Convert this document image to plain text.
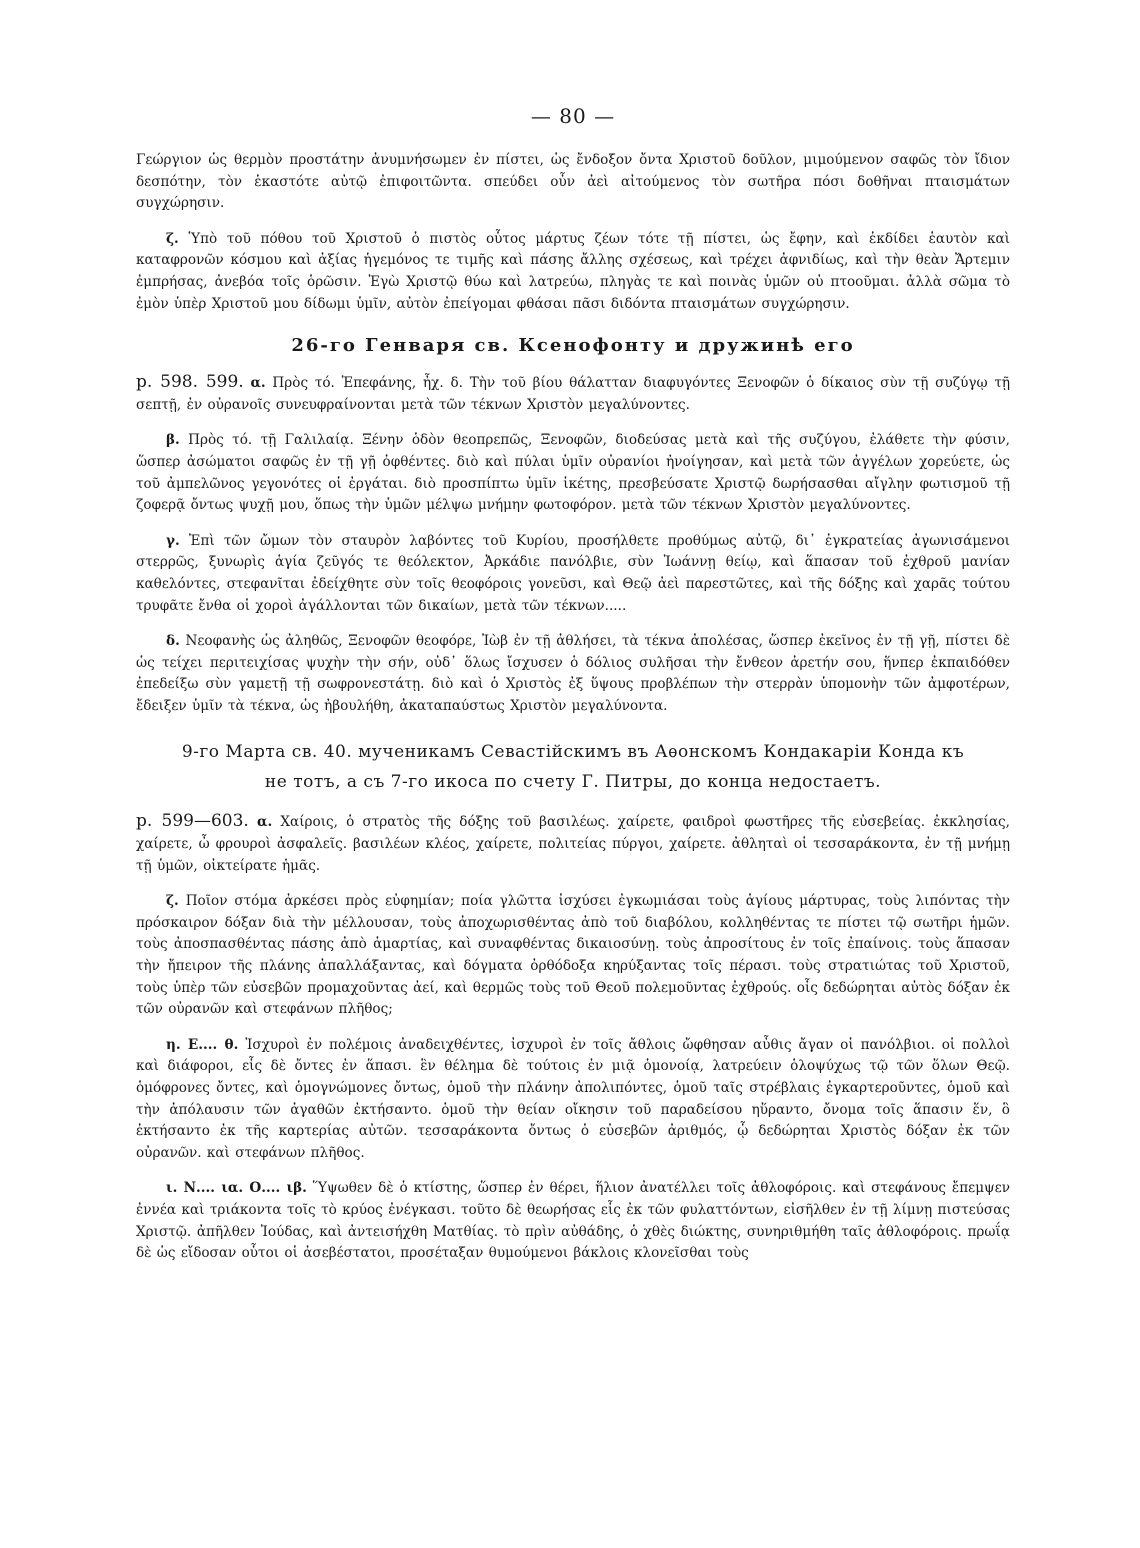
— 80 —

Γεώργιον ὡς θερμὸν προστάτην ἀνυμνήσωμεν ἐν πίστει, ὡς ἔνδοξον ὄντα Χριστοῦ δοῦλον, μιμούμενον σαφῶς τὸν ἴδιον δεσπότην, τὸν ἑκαστότε αὐτῷ ἐπιφοιτῶντα. σπεύδει οὖν ἀεὶ αἰτούμενος τὸν σωτῆρα πόσι δοθῆναι πταισμάτων συγχώρησιν.

ζ. Ὑπὸ τοῦ πόθου τοῦ Χριστοῦ ὁ πιστὸς οὗτος μάρτυς ζέων τότε τῇ πίστει, ὡς ἔφην, καὶ ἐκδίδει ἑαυτὸν καὶ καταφρονῶν κόσμου καὶ ἀξίας ἡγεμόνος τε τιμῆς καὶ πάσης ἄλλης σχέσεως, καὶ τρέχει ἀφνιδίως, καὶ τὴν θεὰν Ἄρτεμιν ἐμπρήσας, ἀνεβόα τοῖς ὁρῶσιν. Ἐγὼ Χριστῷ θύω καὶ λατρεύω, πληγὰς τε καὶ ποινὰς ὑμῶν οὐ πτοοῦμαι. ἀλλὰ σῶμα τὸ ἐμὸν ὑπὲρ Χριστοῦ μου δίδωμι ὑμῖν, αὐτὸν ἐπείγομαι φθάσαι πᾶσι διδόντα πταισμάτων συγχώρησιν.

26-го Генваря св. Ксенофонту и дружинѣ его

р. 598. 599. α. Πρὸς τό. Ἐπεφάνης, ἦχ. δ. Τὴν τοῦ βίου θάλατταν διαφυγόντες Ξενοφῶν ὁ δίκαιος σὺν τῇ συζύγῳ τῇ σεπτῇ, ἐν οὐρανοῖς συνευφραίνονται μετὰ τῶν τέκνων Χριστὸν μεγαλύνοντες.

β. Πρὸς τό. τῇ Γαλιλαίᾳ. Ξένην ὁδὸν θεοπρεπῶς, Ξενοφῶν, διοδεύσας μετὰ καὶ τῆς συζύγου, ἐλάθετε τὴν φύσιν, ὥσπερ ἀσώματοι σαφῶς ἐν τῇ γῇ ὀφθέντες. διὸ καὶ πύλαι ὑμῖν οὐρανίοι ἠνοίγησαν, καὶ μετὰ τῶν ἀγγέλων χορεύετε, ὡς τοῦ ἀμπελῶνος γεγονότες οἱ ἐργάται. διὸ προσπίπτω ὑμῖν ἱκέτης, πρεσβεύσατε Χριστῷ δωρήσασθαι αἴγλην φωτισμοῦ τῇ ζοφερᾷ ὄντως ψυχῇ μου, ὅπως τὴν ὑμῶν μέλψω μνήμην φωτοφόρον. μετὰ τῶν τέκνων Χριστὸν μεγαλύνοντες.

γ. Ἐπὶ τῶν ὤμων τὸν σταυρὸν λαβόντες τοῦ Κυρίου, προσήλθετε προθύμως αὐτῷ, δι᾽ ἐγκρατείας ἀγωνισάμενοι στερρῶς, ξυνωρὶς ἁγία ζεῦγός τε θεόλεκτον, Ἀρκάδιε πανόλβιε, σὺν Ἰωάννῃ θείῳ, καὶ ἅπασαν τοῦ ἐχθροῦ μανίαν καθελόντες, στεφανῖται ἐδείχθητε σὺν τοῖς θεοφόροις γονεῦσι, καὶ Θεῷ ἀεὶ παρεστῶτες, καὶ τῆς δόξης καὶ χαρᾶς τούτου τρυφᾶτε ἔνθα οἱ χοροὶ ἀγάλλονται τῶν δικαίων, μετὰ τῶν τέκνων.....

δ. Νεοφανὴς ὡς ἀληθῶς, Ξενοφῶν θεοφόρε, Ἰὼβ ἐν τῇ ἀθλήσει, τὰ τέκνα ἀπολέσας, ὥσπερ ἐκεῖνος ἐν τῇ γῇ, πίστει δὲ ὡς τείχει περιτειχίσας ψυχὴν τὴν σήν, οὐδ᾽ ὅλως ἴσχυσεν ὁ δόλιος συλῆσαι τὴν ἔνθεον ἀρετήν σου, ἥνπερ ἐκπαιδόθεν ἐπεδείξω σὺν γαμετῇ τῇ σωφρονεστάτῃ. διὸ καὶ ὁ Χριστὸς ἐξ ὕψους προβλέπων τὴν στερρὰν ὑπομονὴν τῶν ἀμφοτέρων, ἔδειξεν ὑμῖν τὰ τέκνα, ὡς ἠβουλήθη, ἀκαταπαύστως Χριστὸν μεγαλύνοντα.

9-го Марта св. 40. мученикамъ Севастійскимъ въ Аѳонскомъ Кондакаріи Конда къ
не тотъ, а съ 7-го икоса по счету Г. Питры, до конца недостаетъ.

р. 599—603. α. Χαίροις, ὁ στρατὸς τῆς δόξης τοῦ βασιλέως. χαίρετε, φαιδροὶ φωστῆρες τῆς εὐσεβείας. ἐκκλησίας, χαίρετε, ὦ φρουροὶ ἀσφαλεῖς. βασιλέων κλέος, χαίρετε, πολιτείας πύργοι, χαίρετε. ἀθληταὶ οἱ τεσσαράκοντα, ἐν τῇ μνήμῃ τῇ ὑμῶν, οἰκτείρατε ἡμᾶς.

ζ. Ποῖον στόμα ἀρκέσει πρὸς εὐφημίαν; ποία γλῶττα ἰσχύσει ἐγκωμιάσαι τοὺς ἁγίους μάρτυρας, τοὺς λιπόντας τὴν πρόσκαιρον δόξαν διὰ τὴν μέλλουσαν, τοὺς ἀποχωρισθέντας ἀπὸ τοῦ διαβόλου, κολληθέντας τε πίστει τῷ σωτῆρι ἡμῶν. τοὺς ἀποσπασθέντας πάσης ἀπὸ ἁμαρτίας, καὶ συναφθέντας δικαιοσύνῃ. τοὺς ἀπροσίτους ἐν τοῖς ἐπαίνοις. τοὺς ἅπασαν τὴν ἤπειρον τῆς πλάνης ἀπαλλάξαντας, καὶ δόγματα ὀρθόδοξα κηρύξαντας τοῖς πέρασι. τοὺς στρατιώτας τοῦ Χριστοῦ, τοὺς ὑπὲρ τῶν εὐσεβῶν προμαχοῦντας ἀεί, καὶ θερμῶς τοὺς τοῦ Θεοῦ πολεμοῦντας ἐχθρούς. οἷς δεδώρηται αὐτὸς δόξαν ἐκ τῶν οὐρανῶν καὶ στεφάνων πλῆθος;

η. Ε.... θ. Ἰσχυροὶ ἐν πολέμοις ἀναδειχθέντες, ἰσχυροὶ ἐν τοῖς ἄθλοις ὤφθησαν αὖθις ἄγαν οἱ πανόλβιοι. οἱ πολλοὶ καὶ διάφοροι, εἷς δὲ ὄντες ἐν ἅπασι. ἓν θέλημα δὲ τούτοις ἐν μιᾷ ὁμονοίᾳ, λατρεύειν ὁλοψύχως τῷ τῶν ὅλων Θεῷ. ὁμόφρονες ὄντες, καὶ ὁμογνώμονες ὄντως, ὁμοῦ τὴν πλάνην ἀπολιπόντες, ὁμοῦ ταῖς στρέβλαις ἐγκαρτεροῦντες, ὁμοῦ καὶ τὴν ἀπόλαυσιν τῶν ἀγαθῶν ἐκτήσαντο. ὁμοῦ τὴν θείαν οἴκησιν τοῦ παραδείσου ηὕραντο, ὄνομα τοῖς ἅπασιν ἕν, ὃ ἐκτήσαντο ἐκ τῆς καρτερίας αὐτῶν. τεσσαράκοντα ὄντως ὁ εὐσεβῶν ἀριθμός, ᾧ δεδώρηται Χριστὸς δόξαν ἐκ τῶν οὐρανῶν. καὶ στεφάνων πλῆθος.

ι. Ν.... ια. Ο.... ιβ. Ὕψωθεν δὲ ὁ κτίστης, ὥσπερ ἐν θέρει, ἥλιον ἀνατέλλει τοῖς ἀθλοφόροις. καὶ στεφάνους ἔπεμψεν ἐννέα καὶ τριάκοντα τοῖς τὸ κρύος ἐνέγκασι. τοῦτο δὲ θεωρήσας εἷς ἐκ τῶν φυλαττόντων, εἰσῆλθεν ἐν τῇ λίμνῃ πιστεύσας Χριστῷ. ἀπῆλθεν Ἰούδας, καὶ ἀντεισήχθη Ματθίας. τὸ πρὶν αὐθάδης, ὁ χθὲς διώκτης, συνηριθμήθη ταῖς ἀθλοφόροις. πρωΐᾳ δὲ ὡς εἴδοσαν οὗτοι οἱ ἀσεβέστατοι, προσέταξαν θυμούμενοι βάκλοις κλονεῖσθαι τοὺς
